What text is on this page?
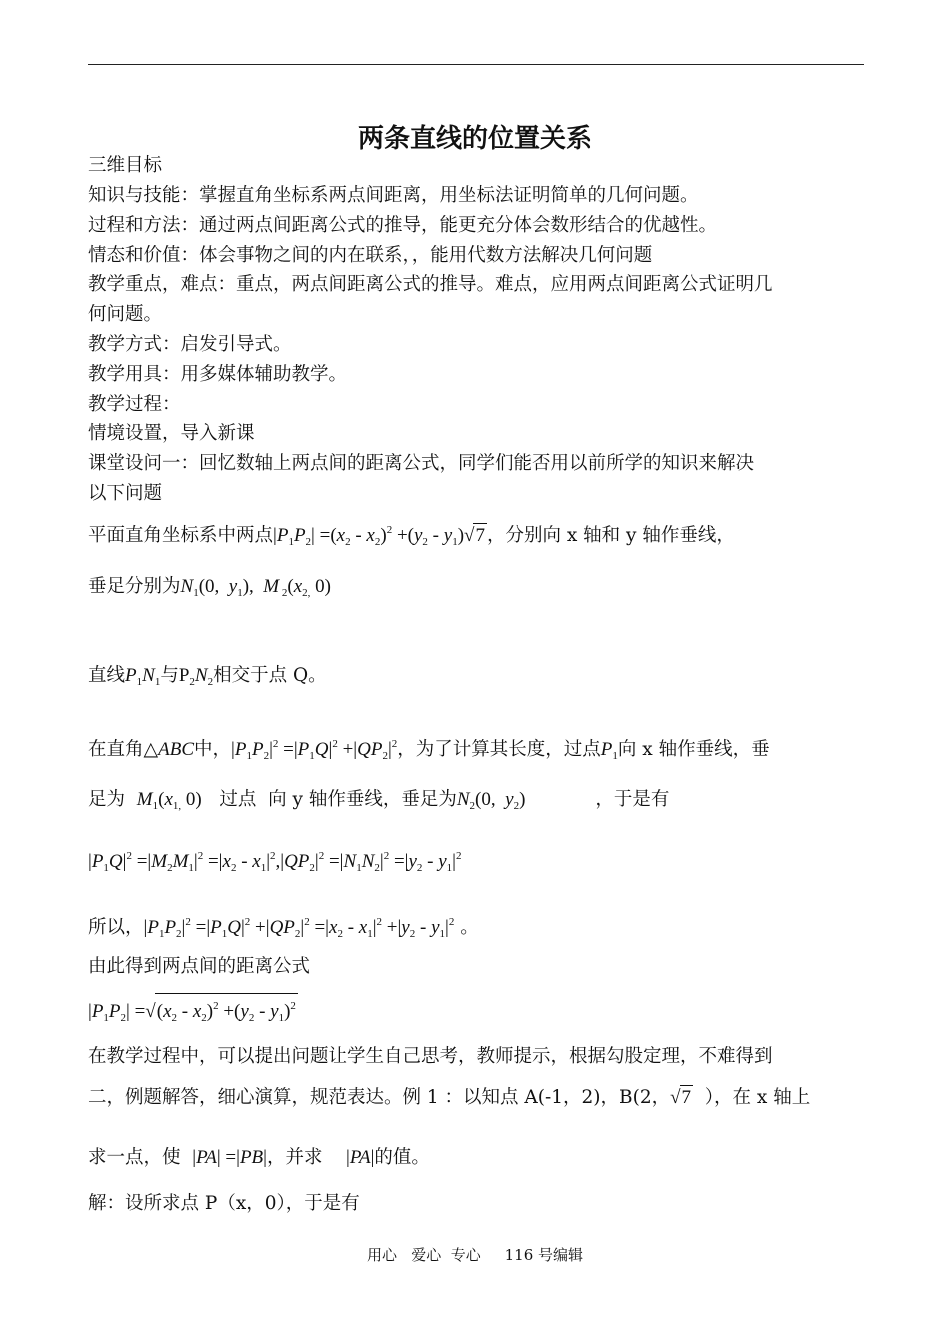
两条直线的位置关系
三维目标
知识与技能：掌握直角坐标系两点间距离，用坐标法证明简单的几何问题。
过程和方法：通过两点间距离公式的推导，能更充分体会数形结合的优越性。
情态和价值：体会事物之间的内在联系，，能用代数方法解决几何问题
教学重点，难点：重点，两点间距离公式的推导。难点，应用两点间距离公式证明几
何问题。
教学方式：启发引导式。
教学用具：用多媒体辅助教学。
教学过程：
情境设置，导入新课
课堂设问一：回忆数轴上两点间的距离公式，同学们能否用以前所学的知识来解决
以下问题
平面直角坐标系中两点$|P_1P_2| =(x_2 - x_2)^2 +(y_2 - y_1)√7$ ，分别向 x 轴和 y 轴作垂线，
垂足分别为$N_1(0$,  $y_1$),  M $_2(x_{2,}$ 0)
直线$P_1N_1$与$P_2N_2$相交于点 Q。
在直角△ABC中，$|P_1P_2|^2 =|P_1Q|^2 +|QP_2|^2$，为了计算其长度，过点$P_1$向 x 轴作垂线，垂
足为 $M_1(x_{1,}$ 0) 过点 向 y 轴作垂线，垂足为$N_2(0$,  $y_2$)	，于是有
$|P_1Q|^2 =|M_2M_1|^2 =|x_2 - x_1|^2,|QP_2|^2 =|N_1N_2|^2 =|y_2 - y_1|^2$
所以，$|P_1P_2|^2 =|P_1Q|^2 +|QP_2|^2 =|x_2 - x_1|^2 +|y_2 - y_1|^2$ 。
由此得到两点间的距离公式
$|P_1P_2| =√(x_2 - x_2)^2 +(y_2 - y_1)^2$
在教学过程中，可以提出问题让学生自己思考，教师提示，根据勾股定理，不难得到
二，例题解答，细心演算，规范表达。例 1 ：以知点 A(-1，2)，B(2，√7 ），在 x 轴上
求一点，使 |PA| =|PB|，并求 |PA|的值。
解：设所求点 P（x，0），于是有
用心   爱心  专心     116 号编辑
